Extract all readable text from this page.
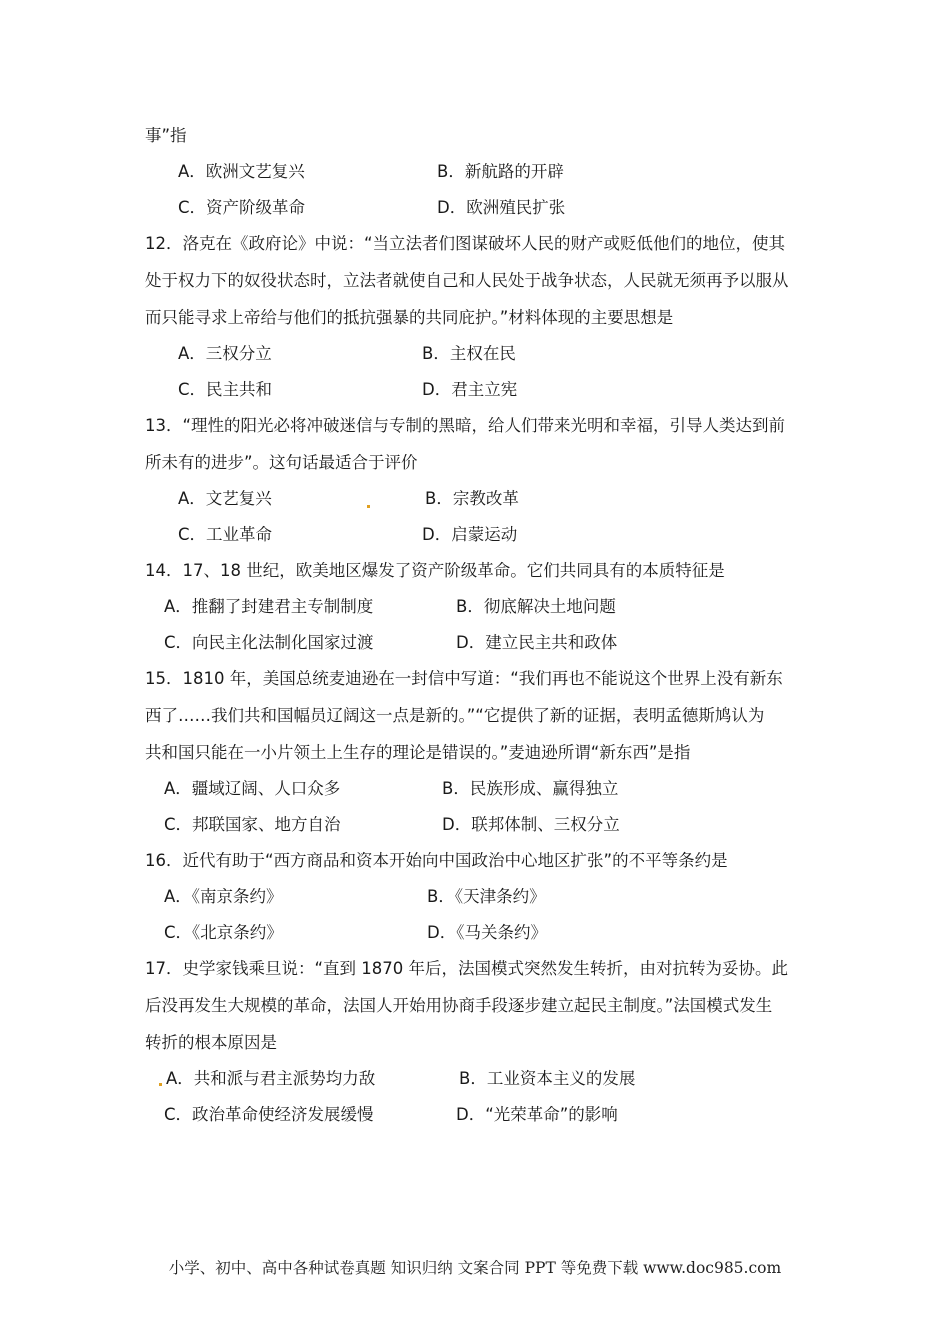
事”指
A．欧洲文艺复兴	B．新航路的开辟
C．资产阶级革命	D．欧洲殖民扩张
12．洛克在《政府论》中说：“当立法者们图谋破坏人民的财产或贬低他们的地位，使其
处于权力下的奴役状态时，立法者就使自己和人民处于战争状态，人民就无须再予以服从
而只能寻求上帝给与他们的抵抗强暴的共同庇护。”材料体现的主要思想是
A．三权分立	B．主权在民
C．民主共和	D．君主立宪
13．“理性的阳光必将冲破迷信与专制的黑暗，给人们带来光明和幸福，引导人类达到前
所未有的进步”。这句话最适合于评价
A．文艺复兴	B．宗教改革
C．工业革命	D．启蒙运动
14．17、18 世纪，欧美地区爆发了资产阶级革命。它们共同具有的本质特征是
A．推翻了封建君主专制制度	B．彻底解决土地问题
C．向民主化法制化国家过渡	D．建立民主共和政体
15．1810 年，美国总统麦迪逊在一封信中写道：“我们再也不能说这个世界上没有新东
西了……我们共和国幅员辽阔这一点是新的。”“它提供了新的证据，表明孟德斯鸠认为
共和国只能在一小片领土上生存的理论是错误的。”麦迪逊所谓“新东西”是指
A．疆域辽阔、人口众多	B．民族形成、赢得独立
C．邦联国家、地方自治	D．联邦体制、三权分立
16．近代有助于“西方商品和资本开始向中国政治中心地区扩张”的不平等条约是
A．《南京条约》	B．《天津条约》
C．《北京条约》	D．《马关条约》
17．史学家钱乘旦说：“直到 1870 年后，法国模式突然发生转折，由对抗转为妥协。此
后没再发生大规模的革命，法国人开始用协商手段逐步建立起民主制度。”法国模式发生
转折的根本原因是
A．共和派与君主派势均力敌	B．工业资本主义的发展
C．政治革命使经济发展缓慢	D．“光荣革命”的影响
小学、初中、高中各种试卷真题 知识归纳 文案合同 PPT 等免费下载 www.doc985.com
